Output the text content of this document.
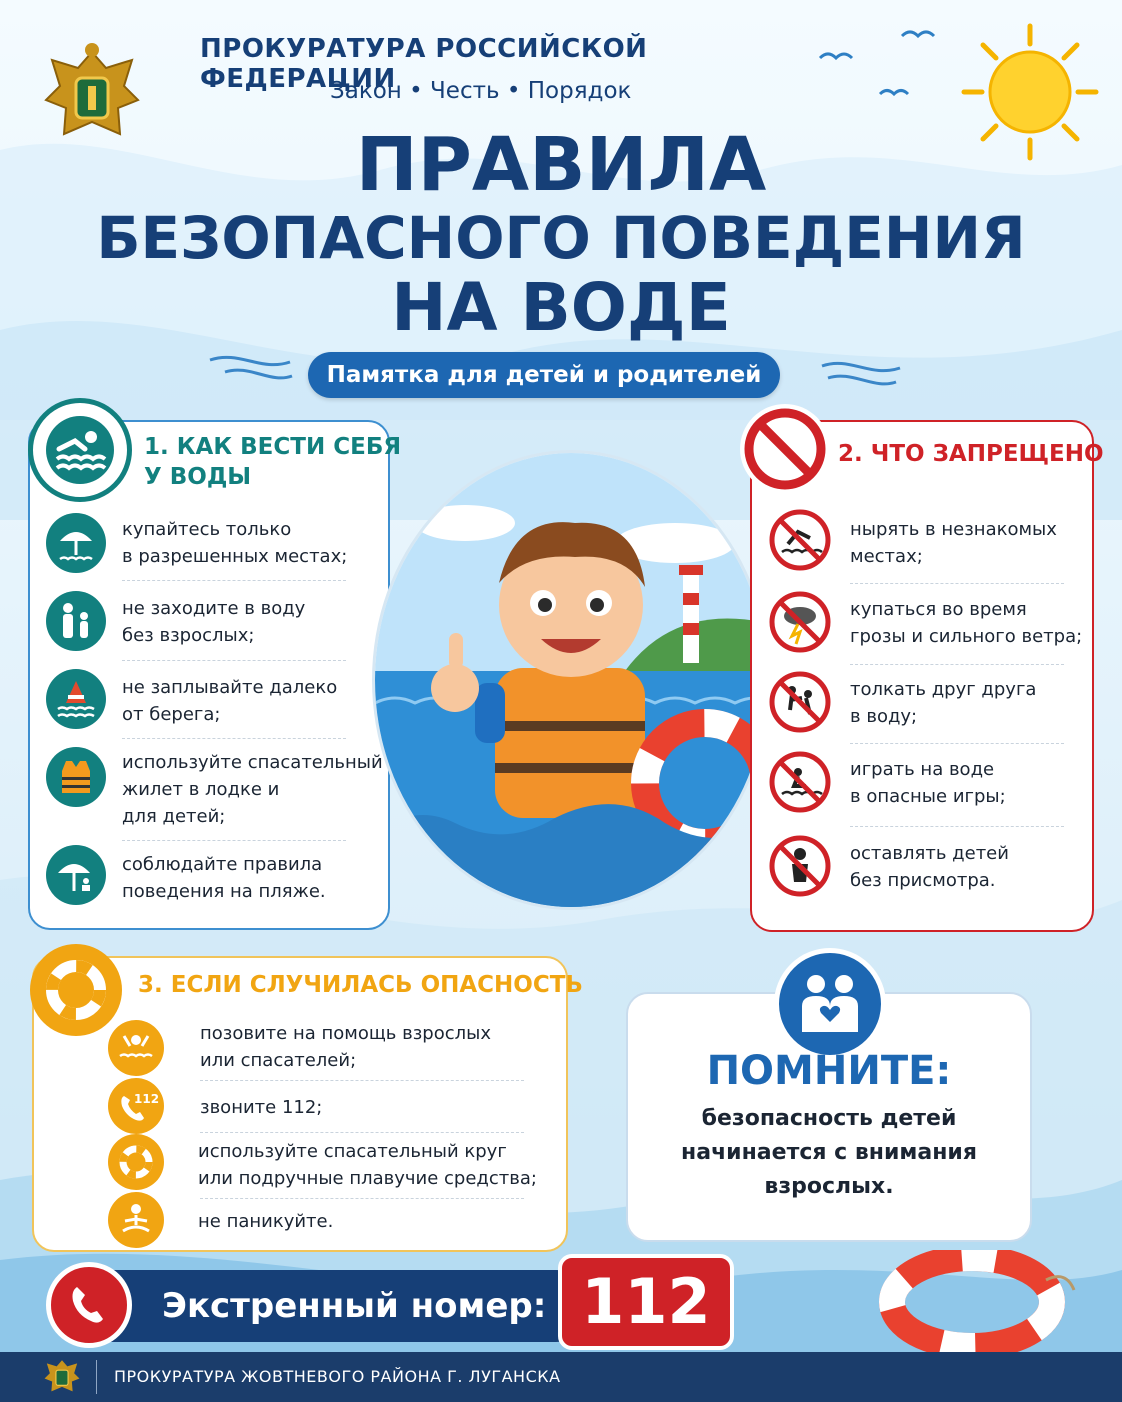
ПРОКУРАТУРА РОССИЙСКОЙ ФЕДЕРАЦИИ
Закон • Честь • Порядок
ПРАВИЛА
БЕЗОПАСНОГО ПОВЕДЕНИЯ
НА ВОДЕ
Памятка для детей и родителей
1. КАК ВЕСТИ СЕБЯ
У ВОДЫ
купайтесь только
в разрешенных местах;
не заходите в воду
без взрослых;
не заплывайте далеко
от берега;
используйте спасательный
жилет в лодке и
для детей;
соблюдайте правила
поведения на пляже.
2. ЧТО ЗАПРЕЩЕНО
нырять в незнакомых
местах;
купаться во время
грозы и сильного ветра;
толкать друг друга
в воду;
играть на воде
в опасные игры;
оставлять детей
без присмотра.
3. ЕСЛИ СЛУЧИЛАСЬ ОПАСНОСТЬ
112
позовите на помощь взрослых
или спасателей;
звоните 112;
используйте спасательный круг
или подручные плавучие средства;
не паникуйте.
ПОМНИТЕ:
безопасность детей
начинается с внимания
взрослых.
Экстренный номер: 112
ПРОКУРАТУРА ЖОВТНЕВОГО РАЙОНА Г. ЛУГАНСКА
